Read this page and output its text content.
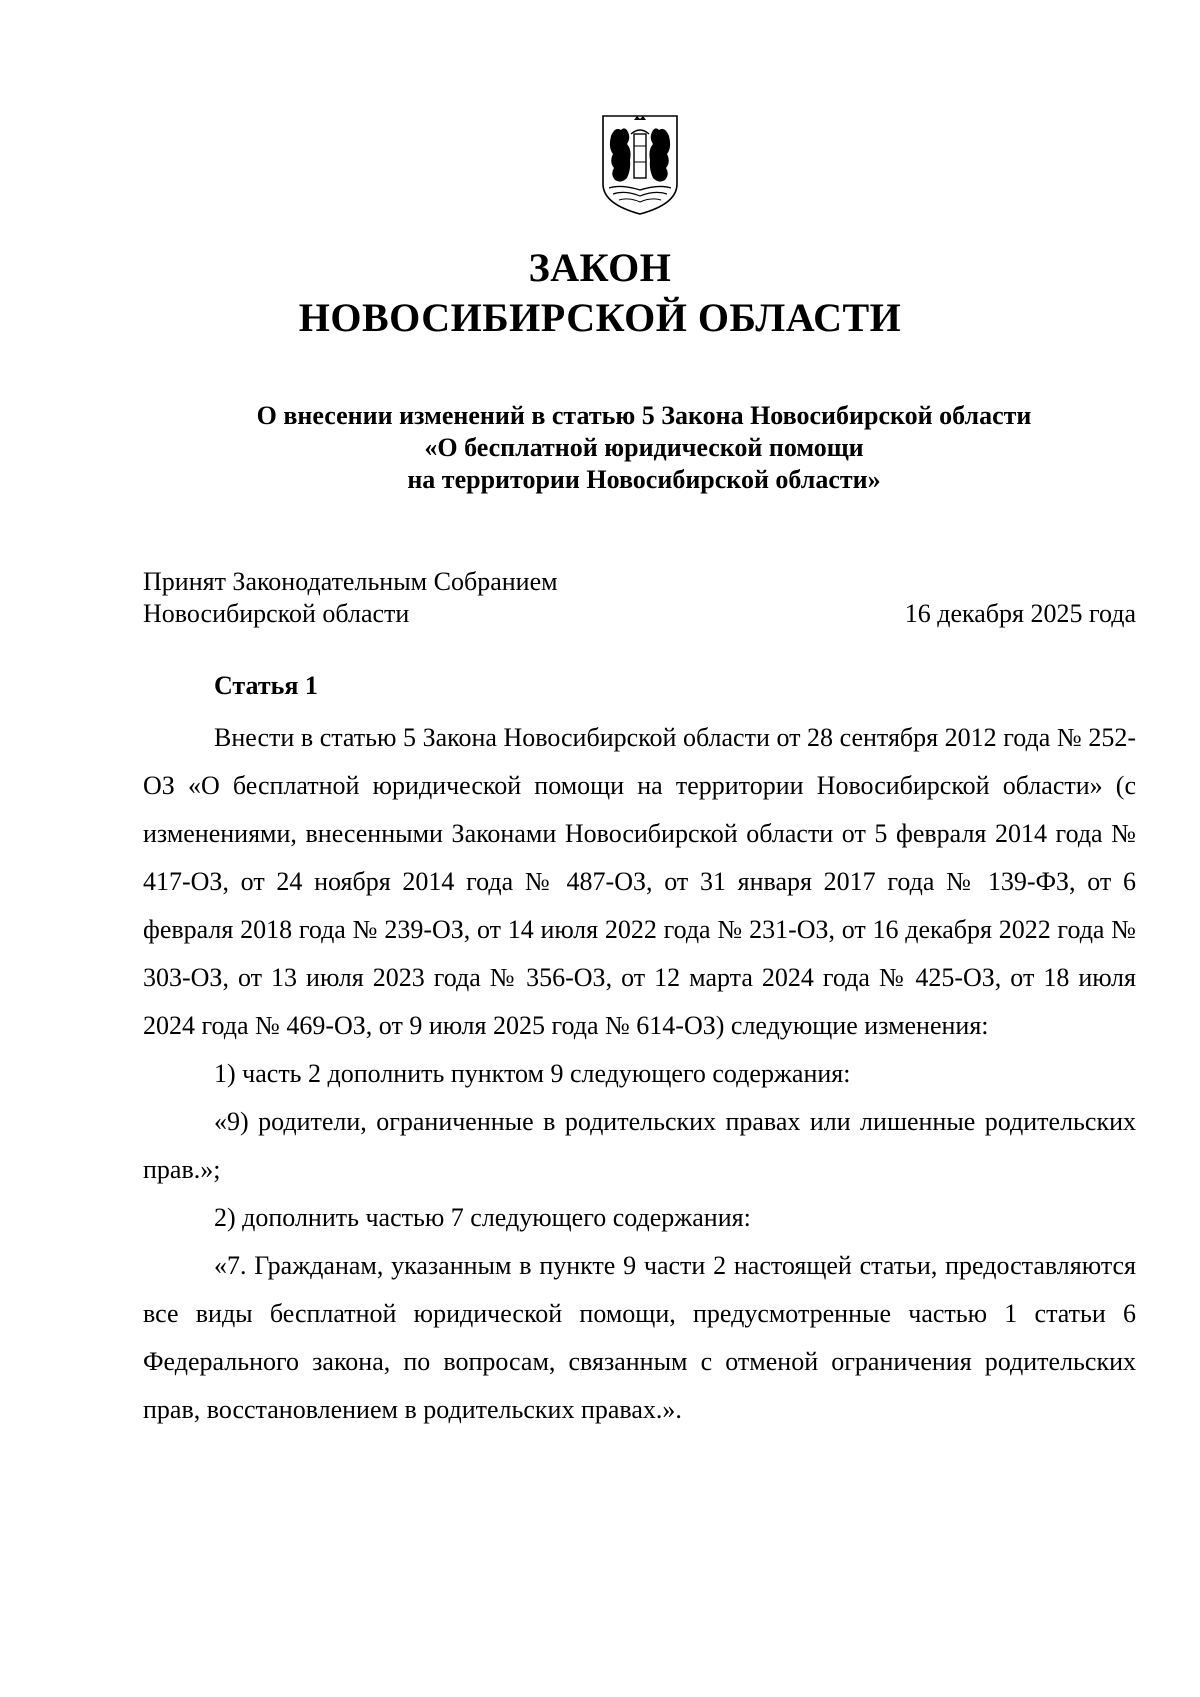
ЗАКОН
НОВОСИБИРСКОЙ ОБЛАСТИ
О внесении изменений в статью 5 Закона Новосибирской области
«О бесплатной юридической помощи
на территории Новосибирской области»
Принят Законодательным Собранием
Новосибирской области	16 декабря 2025 года
Статья 1

Внести в статью 5 Закона Новосибирской области от 28 сентября 2012 года № 252-ОЗ «О бесплатной юридической помощи на территории Новосибирской области» (с изменениями, внесенными Законами Новосибирской области от 5 февраля 2014 года № 417-ОЗ, от 24 ноября 2014 года № 487-ОЗ, от 31 января 2017 года № 139-ФЗ, от 6 февраля 2018 года № 239-ОЗ, от 14 июля 2022 года № 231-ОЗ, от 16 декабря 2022 года № 303-ОЗ, от 13 июля 2023 года № 356-ОЗ, от 12 марта 2024 года № 425-ОЗ, от 18 июля 2024 года № 469-ОЗ, от 9 июля 2025 года № 614-ОЗ) следующие изменения:

1) часть 2 дополнить пунктом 9 следующего содержания:

«9) родители, ограниченные в родительских правах или лишенные родительских прав.»;

2) дополнить частью 7 следующего содержания:

«7. Гражданам, указанным в пункте 9 части 2 настоящей статьи, предоставляются все виды бесплатной юридической помощи, предусмотренные частью 1 статьи 6 Федерального закона, по вопросам, связанным с отменой ограничения родительских прав, восстановлением в родительских правах.».
